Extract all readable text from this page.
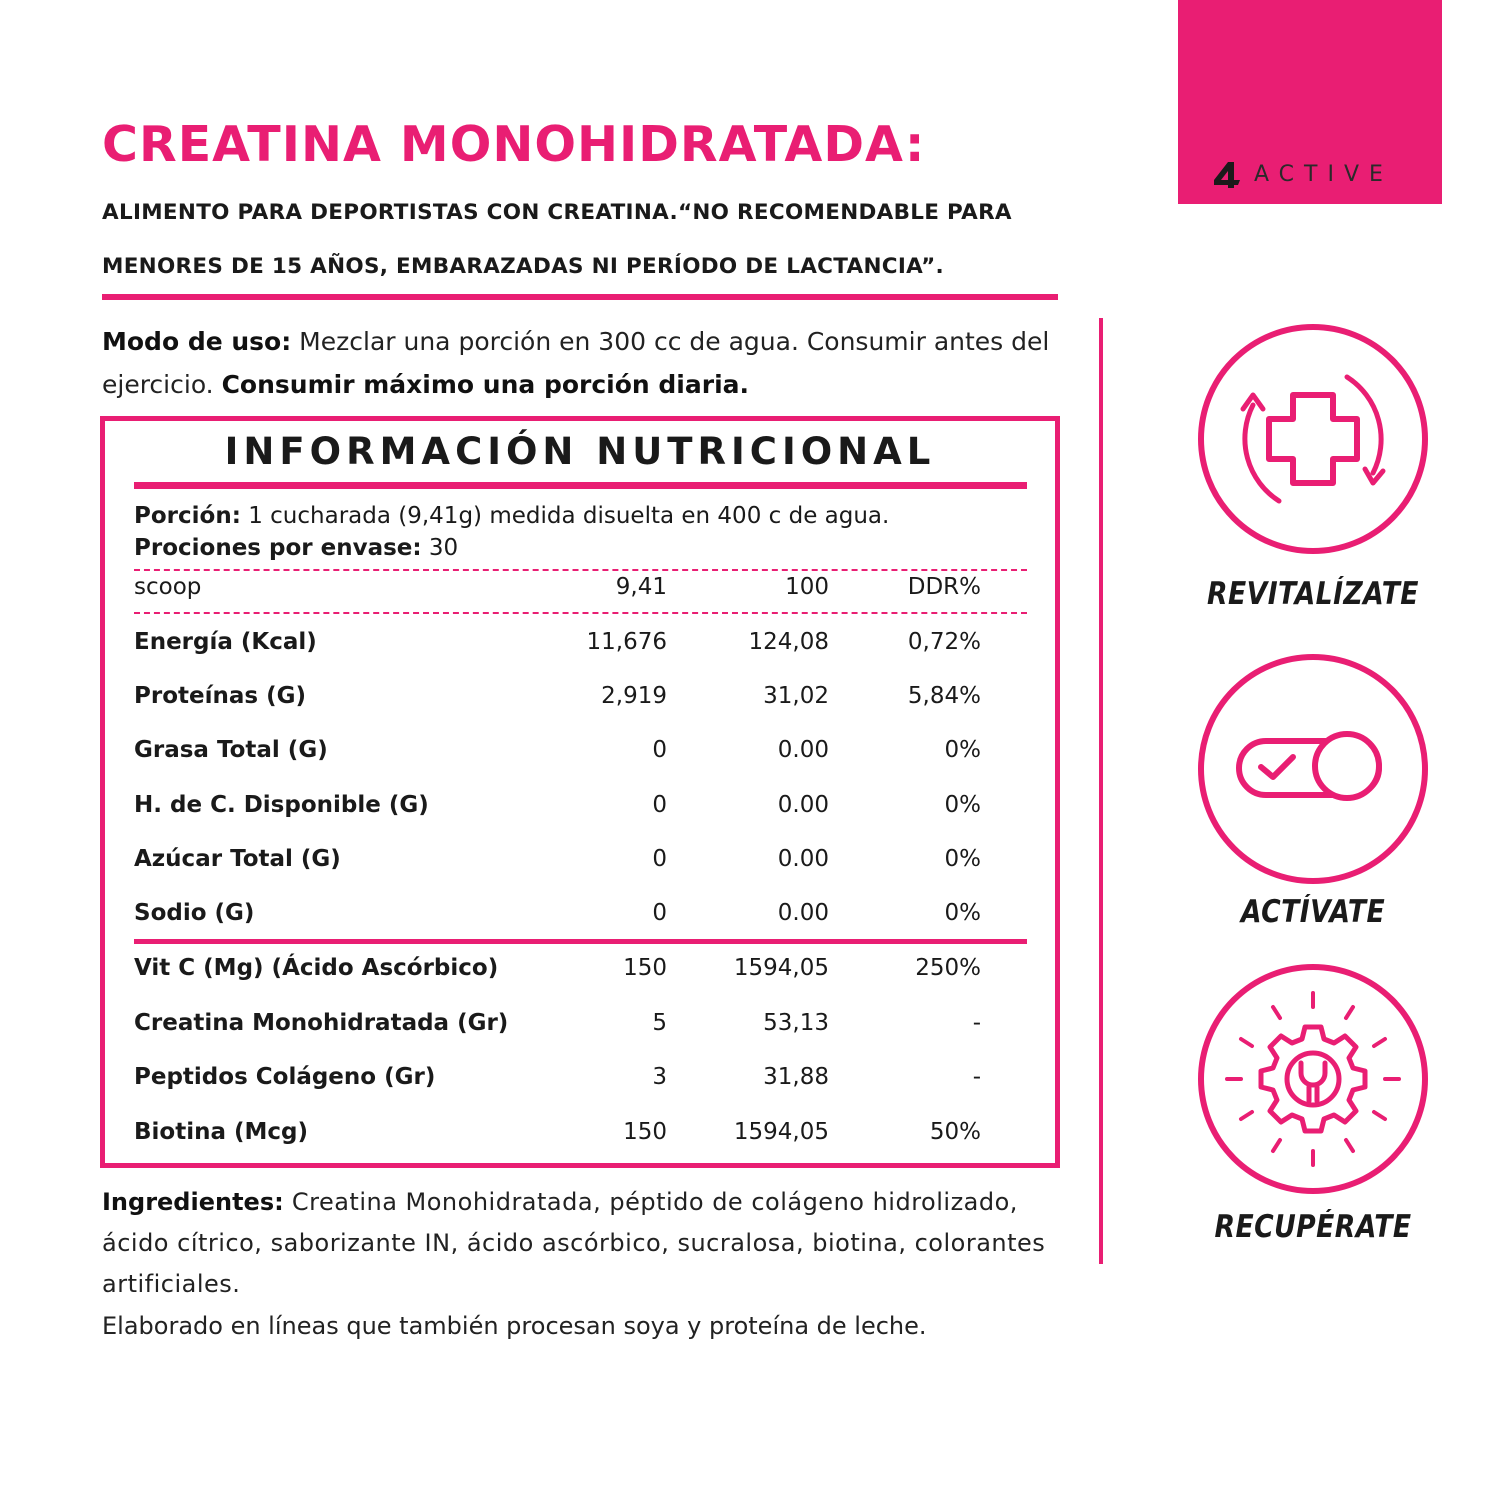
ACTIVE
CREATINA MONOHIDRATADA:
ALIMENTO PARA DEPORTISTAS CON CREATINA.“NO RECOMENDABLE PARA MENORES DE 15 AÑOS, EMBARAZADAS NI PERÍODO DE LACTANCIA”.
Modo de uso: Mezclar una porción en 300 cc de agua. Consumir antes del ejercicio. Consumir máximo una porción diaria.
INFORMACIÓN NUTRICIONAL
Porción: 1 cucharada (9,41g) medida disuelta en 400 c de agua.
Prociones por envase: 30
scoop	9,41	100	DDR%
Energía (Kcal)	11,676	124,08	0,72%
Proteínas (G)	2,919	31,02	5,84%
Grasa Total (G)	0	0.00	0%
H. de C. Disponible (G)	0	0.00	0%
Azúcar Total (G)	0	0.00	0%
Sodio (G)	0	0.00	0%
Vit C (Mg) (Ácido Ascórbico)	150	1594,05	250%
Creatina Monohidratada (Gr)	5	53,13	-
Peptidos Colágeno (Gr)	3	31,88	-
Biotina (Mcg)	150	1594,05	50%
Ingredientes: Creatina Monohidratada, péptido de colágeno hidrolizado, ácido cítrico, saborizante IN, ácido ascórbico, sucralosa, biotina, colorantes artificiales.
Elaborado en líneas que también procesan soya y proteína de leche.
REVITALÍZATE
ACTÍVATE
RECUPÉRATE
